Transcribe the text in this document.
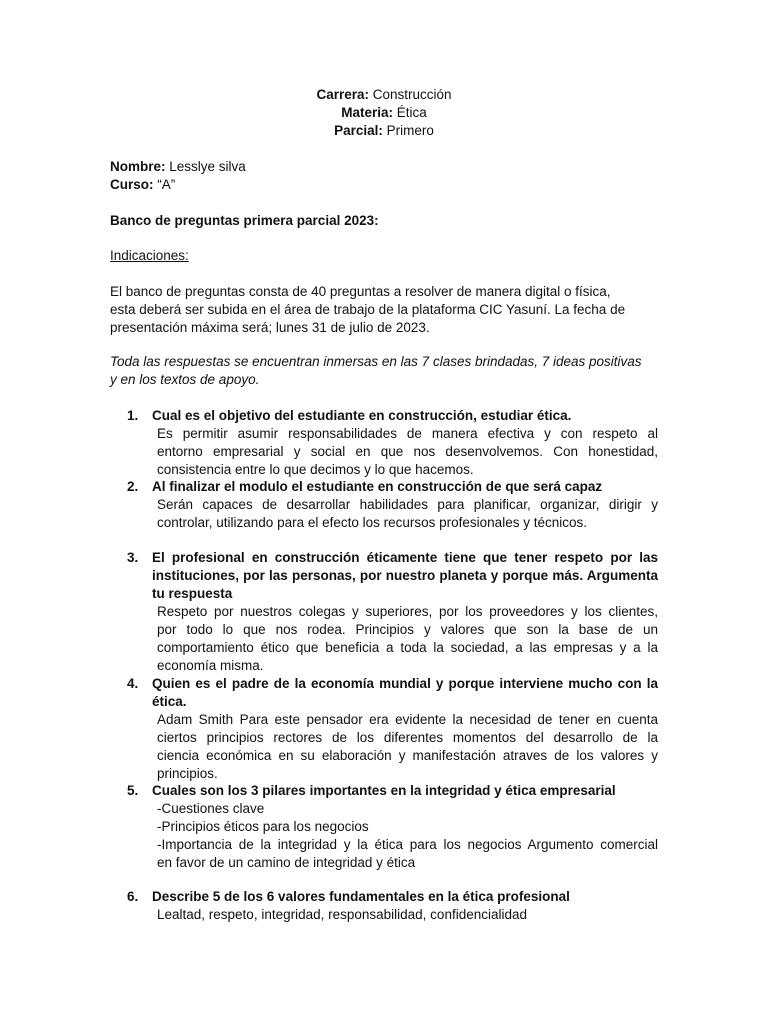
Carrera: Construcción
Materia: Ética
Parcial: Primero
Nombre: Lesslye silva
Curso: “A”
Banco de preguntas primera parcial 2023:
Indicaciones:
El banco de preguntas consta de 40 preguntas a resolver de manera digital o física,
esta deberá ser subida en el área de trabajo de la plataforma CIC Yasuní. La fecha de
presentación máxima será; lunes 31 de julio de 2023.
Toda las respuestas se encuentran inmersas en las 7 clases brindadas, 7 ideas positivas
y en los textos de apoyo.
1. Cual es el objetivo del estudiante en construcción, estudiar ética.
Es permitir asumir responsabilidades de manera efectiva y con respeto al
entorno empresarial y social en que nos desenvolvemos. Con honestidad,
consistencia entre lo que decimos y lo que hacemos.
2. Al finalizar el modulo el estudiante en construcción de que será capaz
Serán capaces de desarrollar habilidades para planificar, organizar, dirigir y
controlar, utilizando para el efecto los recursos profesionales y técnicos.
3. El profesional en construcción éticamente tiene que tener respeto por las
instituciones, por las personas, por nuestro planeta y porque más. Argumenta
tu respuesta
Respeto por nuestros colegas y superiores, por los proveedores y los clientes,
por todo lo que nos rodea. Principios y valores que son la base de un
comportamiento ético que beneficia a toda la sociedad, a las empresas y a la
economía misma.
4. Quien es el padre de la economía mundial y porque interviene mucho con la
ética.
Adam Smith Para este pensador era evidente la necesidad de tener en cuenta
ciertos principios rectores de los diferentes momentos del desarrollo de la
ciencia económica en su elaboración y manifestación atraves de los valores y
principios.
5. Cuales son los 3 pilares importantes en la integridad y ética empresarial
-Cuestiones clave
-Principios éticos para los negocios
-Importancia de la integridad y la ética para los negocios Argumento comercial
en favor de un camino de integridad y ética
6. Describe 5 de los 6 valores fundamentales en la ética profesional
Lealtad, respeto, integridad, responsabilidad, confidencialidad
